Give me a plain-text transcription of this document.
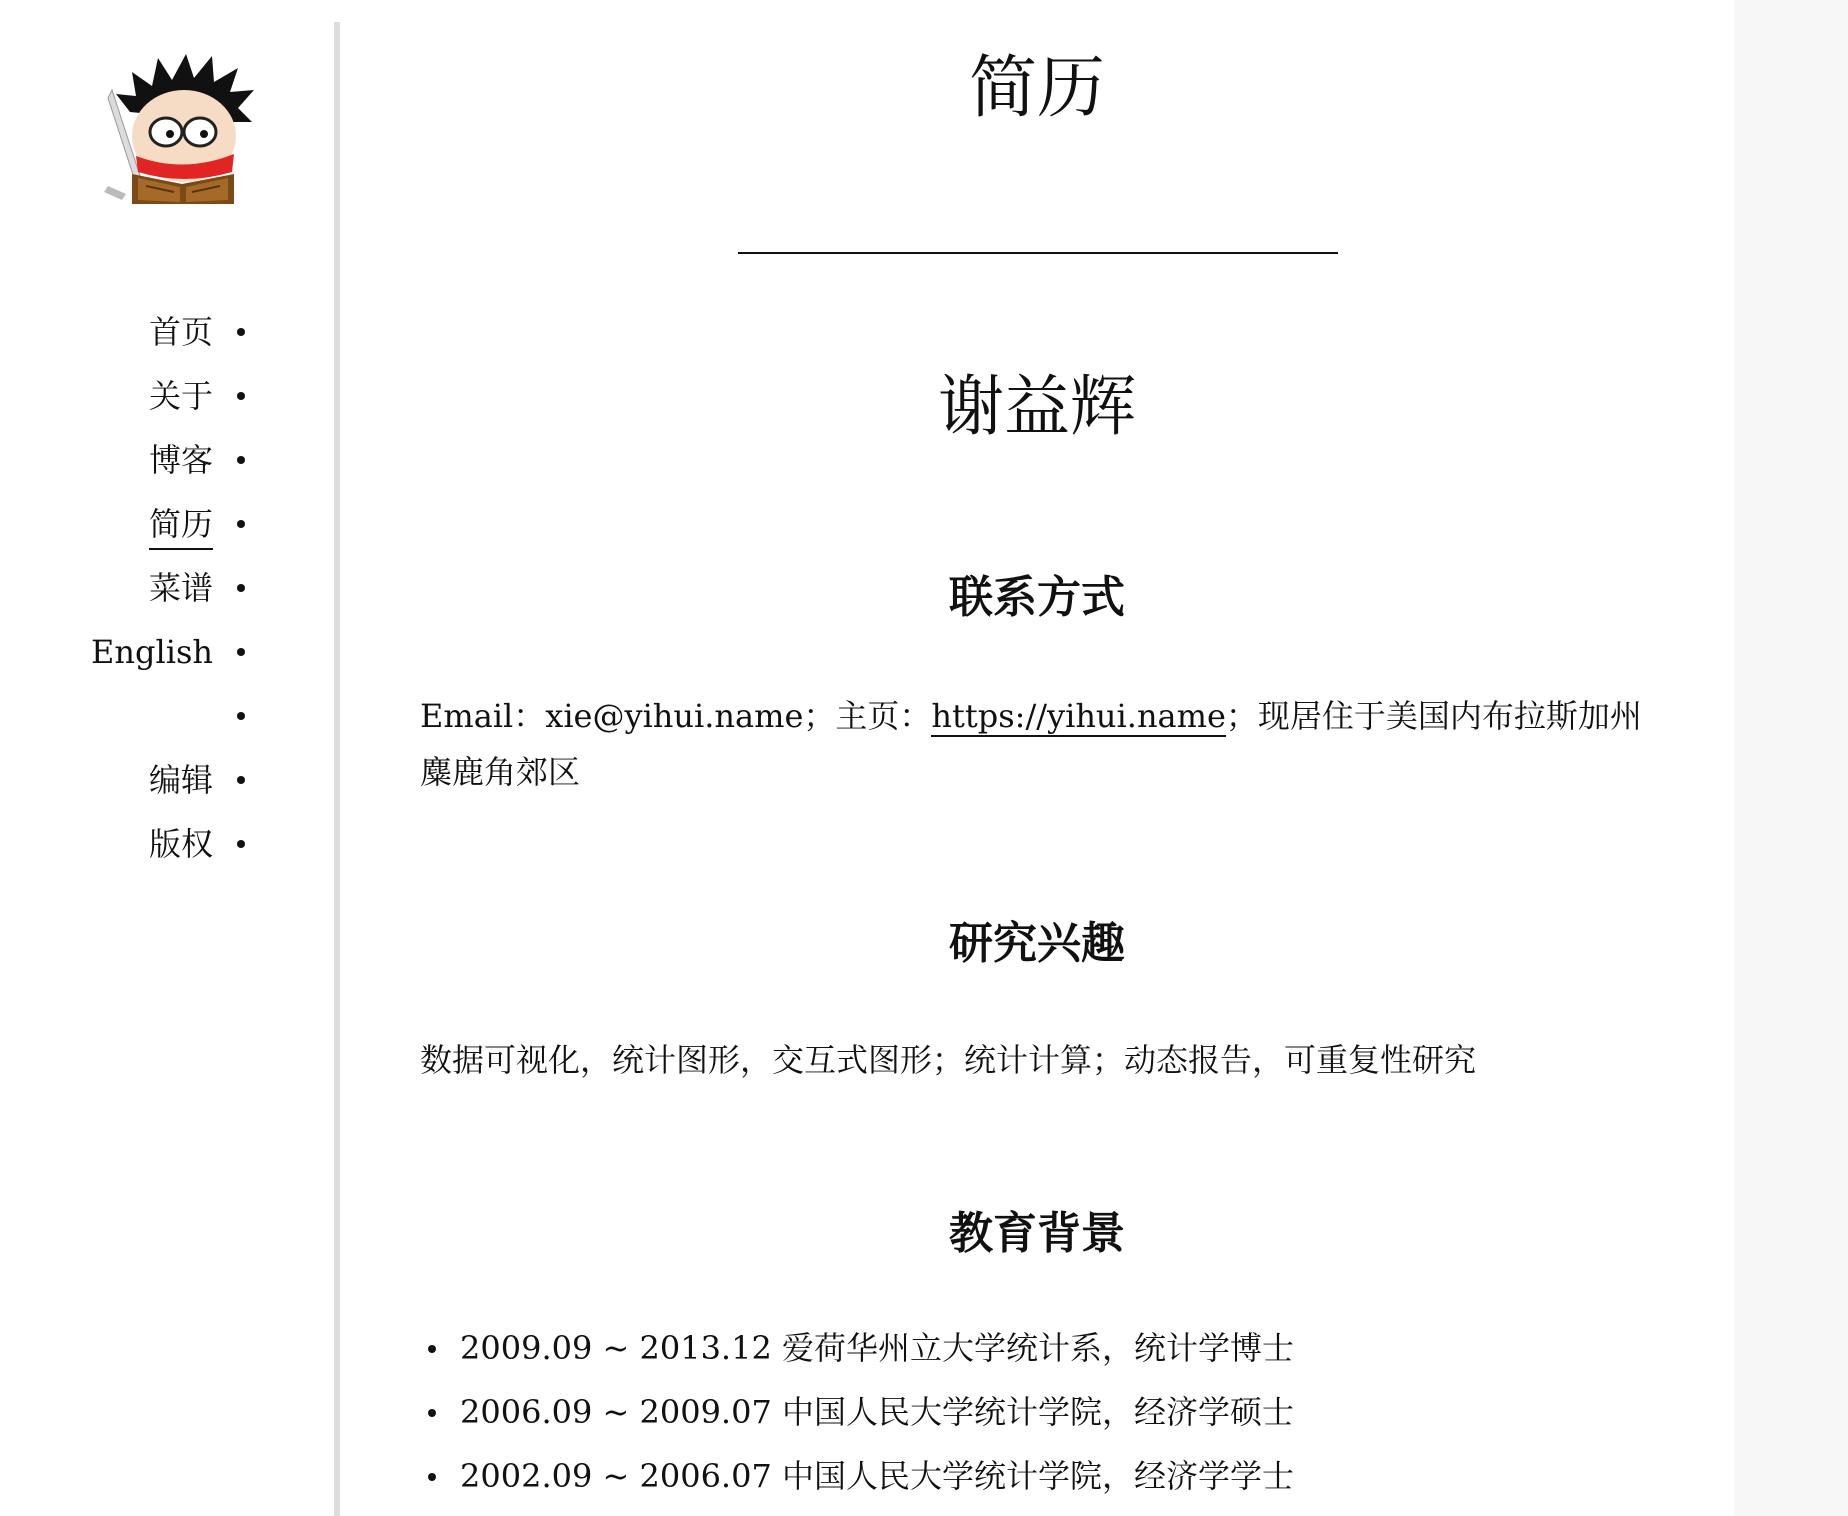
首页
关于
博客
简历
菜谱
English
编辑
版权
简历
谢益辉
联系方式

Email：xie@yihui.name；主页：https://yihui.name；现居住于美国内布拉斯加州麋鹿角郊区

研究兴趣

数据可视化，统计图形，交互式图形；统计计算；动态报告，可重复性研究

教育背景
2009.09 ~ 2013.12 爱荷华州立大学统计系，统计学博士
2006.09 ~ 2009.07 中国人民大学统计学院，经济学硕士
2002.09 ~ 2006.07 中国人民大学统计学院，经济学学士
